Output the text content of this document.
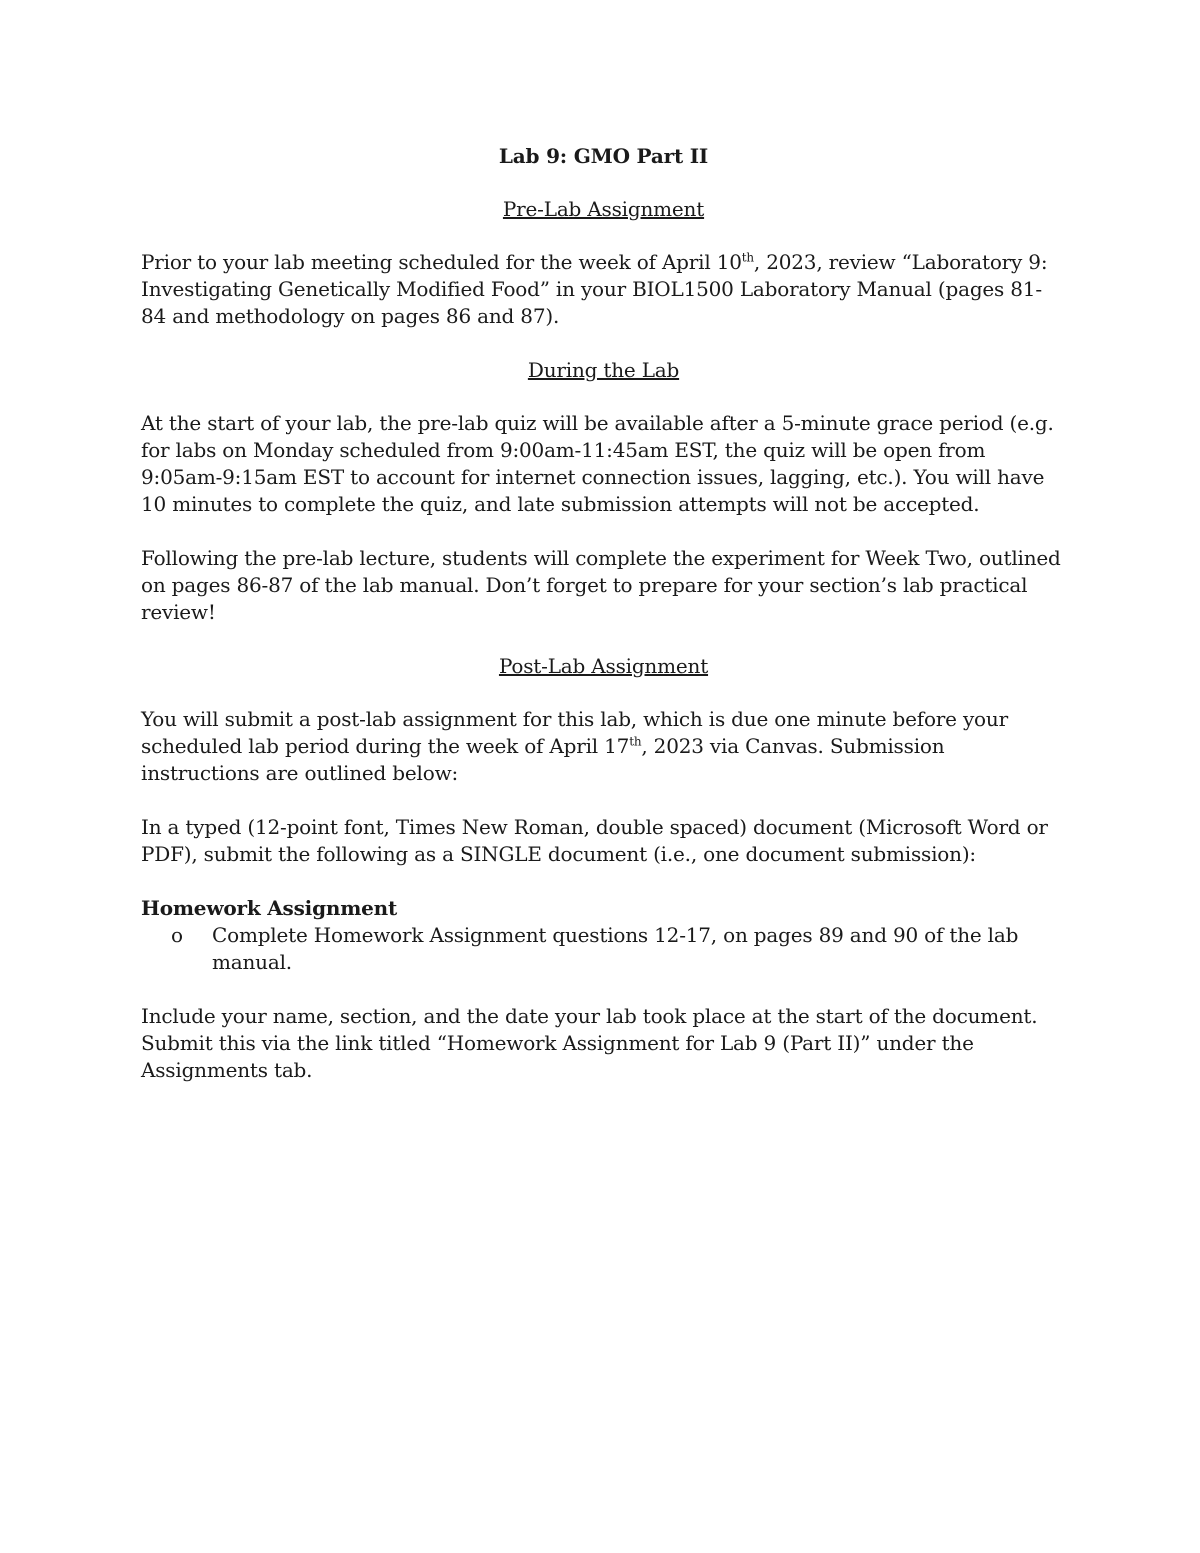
Lab 9: GMO Part II
Pre-Lab Assignment

Prior to your lab meeting scheduled for the week of April 10th, 2023, review “Laboratory 9: Investigating Genetically Modified Food” in your BIOL1500 Laboratory Manual (pages 81-84 and methodology on pages 86 and 87).

During the Lab

At the start of your lab, the pre-lab quiz will be available after a 5-minute grace period (e.g. for labs on Monday scheduled from 9:00am-11:45am EST, the quiz will be open from 9:05am-9:15am EST to account for internet connection issues, lagging, etc.). You will have 10 minutes to complete the quiz, and late submission attempts will not be accepted.

Following the pre-lab lecture, students will complete the experiment for Week Two, outlined on pages 86-87 of the lab manual. Don’t forget to prepare for your section’s lab practical review!

Post-Lab Assignment

You will submit a post-lab assignment for this lab, which is due one minute before your scheduled lab period during the week of April 17th, 2023 via Canvas. Submission instructions are outlined below:

In a typed (12-point font, Times New Roman, double spaced) document (Microsoft Word or PDF), submit the following as a SINGLE document (i.e., one document submission):

Homework Assignment
o Complete Homework Assignment questions 12-17, on pages 89 and 90 of the lab manual.

Include your name, section, and the date your lab took place at the start of the document. Submit this via the link titled “Homework Assignment for Lab 9 (Part II)” under the Assignments tab.
